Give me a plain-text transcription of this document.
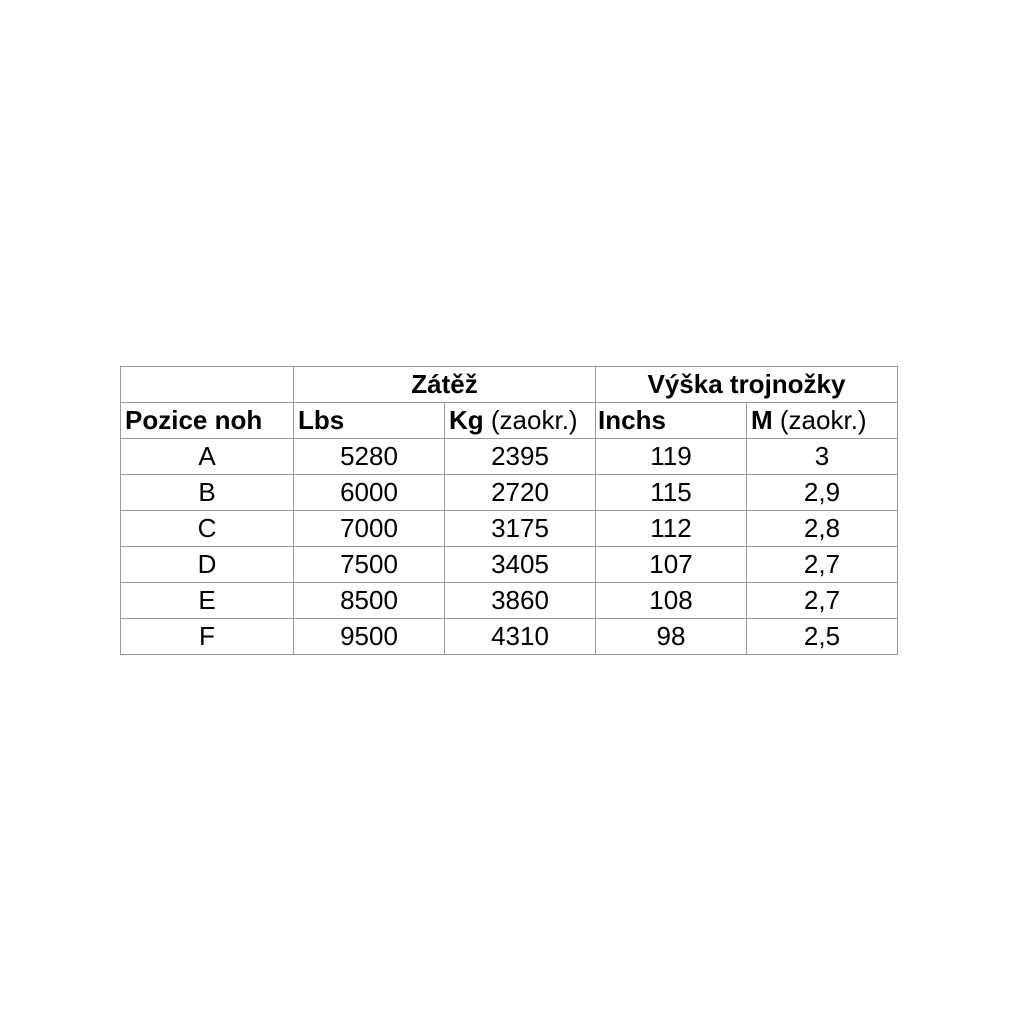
	Zátěž		Výška trojnožky	
Pozice noh	Lbs	Kg (zaokr.)	Inchs	M (zaokr.)
A	5280	2395	119	3
B	6000	2720	115	2,9
C	7000	3175	112	2,8
D	7500	3405	107	2,7
E	8500	3860	108	2,7
F	9500	4310	98	2,5
